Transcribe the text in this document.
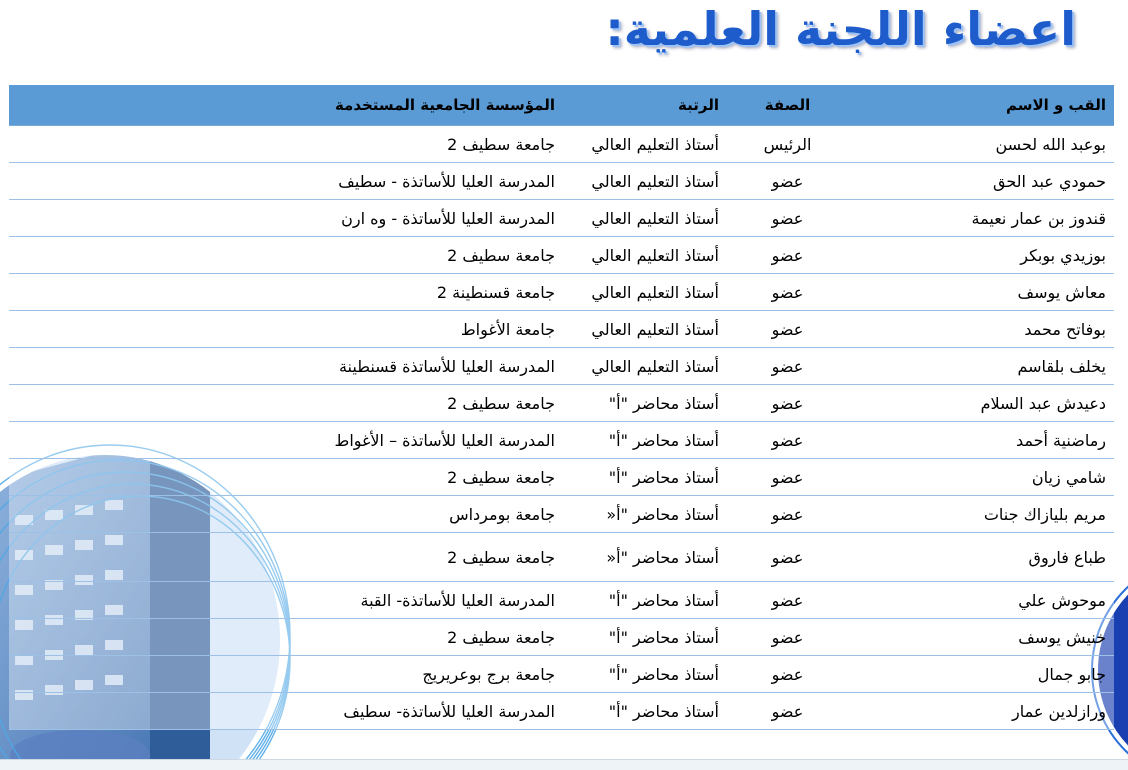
اعضاء اللجنة العلمية:
القب و الاسم	الصفة	الرتبة	المؤسسة الجامعية المستخدمة
بوعبد الله لحسن	الرئيس	أستاذ التعليم العالي	جامعة سطيف 2
حمودي عبد الحق	عضو	أستاذ التعليم العالي	المدرسة العليا للأساتذة - سطيف
قندوز بن عمار نعيمة	عضو	أستاذ التعليم العالي	المدرسة العليا للأساتذة - وه ارن
بوزيدي بوبكر	عضو	أستاذ التعليم العالي	جامعة سطيف 2
معاش يوسف	عضو	أستاذ التعليم العالي	جامعة قسنطينة 2
بوفاتح محمد	عضو	أستاذ التعليم العالي	جامعة الأغواط
يخلف بلقاسم	عضو	أستاذ التعليم العالي	المدرسة العليا للأساتذة قسنطينة
دعيدش عبد السلام	عضو	أستاذ محاضر "أ"	جامعة سطيف 2
رماضنية أحمد	عضو	أستاذ محاضر "أ"	المدرسة العليا للأساتذة – الأغواط
شامي زيان	عضو	أستاذ محاضر "أ"	جامعة سطيف 2
مريم بليازاك جنات	عضو	أستاذ محاضر "أ«	جامعة بومرداس
طباع فاروق	عضو	أستاذ محاضر "أ«	جامعة سطيف 2
موحوش علي	عضو	أستاذ محاضر "أ"	المدرسة العليا للأساتذة- القبة
خنيش يوسف	عضو	أستاذ محاضر "أ"	جامعة سطيف 2
جابو جمال	عضو	أستاذ محاضر "أ"	جامعة برج بوعريريج
ورازلدين عمار	عضو	أستاذ محاضر "أ"	المدرسة العليا للأساتذة- سطيف
